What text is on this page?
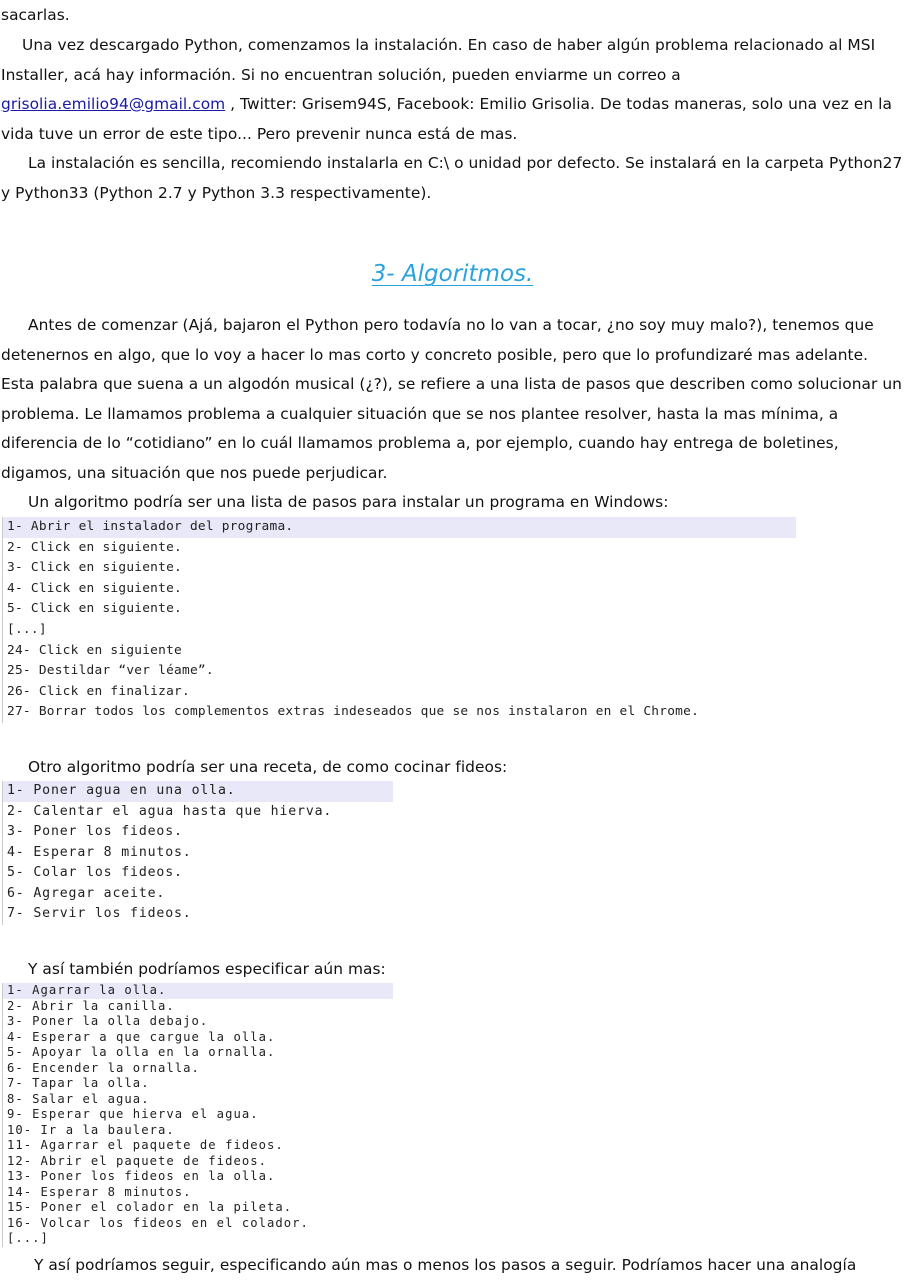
sacarlas.

Una vez descargado Python, comenzamos la instalación. En caso de haber algún problema relacionado al MSI Installer, acá hay información. Si no encuentran solución, pueden enviarme un correo a grisolia.emilio94@gmail.com , Twitter: Grisem94S, Facebook: Emilio Grisolia. De todas maneras, solo una vez en la vida tuve un error de este tipo... Pero prevenir nunca está de mas.

La instalación es sencilla, recomiendo instalarla en C:\ o unidad por defecto. Se instalará en la carpeta Python27 y Python33 (Python 2.7 y Python 3.3 respectivamente).

3- Algoritmos.

Antes de comenzar (Ajá, bajaron el Python pero todavía no lo van a tocar, ¿no soy muy malo?), tenemos que detenernos en algo, que lo voy a hacer lo mas corto y concreto posible, pero que lo profundizaré mas adelante. Esta palabra que suena a un algodón musical (¿?), se refiere a una lista de pasos que describen como solucionar un problema. Le llamamos problema a cualquier situación que se nos plantee resolver, hasta la mas mínima, a diferencia de lo “cotidiano” en lo cuál llamamos problema a, por ejemplo, cuando hay entrega de boletines, digamos, una situación que nos puede perjudicar.

Un algoritmo podría ser una lista de pasos para instalar un programa en Windows:

1- Abrir el instalador del programa.
2- Click en siguiente.
3- Click en siguiente.
4- Click en siguiente.
5- Click en siguiente.
[...]
24- Click en siguiente
25- Destildar “ver léame”.
26- Click en finalizar.
27- Borrar todos los complementos extras indeseados que se nos instalaron en el Chrome.

Otro algoritmo podría ser una receta, de como cocinar fideos:

1- Poner agua en una olla.
2- Calentar el agua hasta que hierva.
3- Poner los fideos.
4- Esperar 8 minutos.
5- Colar los fideos.
6- Agregar aceite.
7- Servir los fideos.

Y así también podríamos especificar aún mas:

1- Agarrar la olla.
2- Abrir la canilla.
3- Poner la olla debajo.
4- Esperar a que cargue la olla.
5- Apoyar la olla en la ornalla.
6- Encender la ornalla.
7- Tapar la olla.
8- Salar el agua.
9- Esperar que hierva el agua.
10- Ir a la baulera.
11- Agarrar el paquete de fideos.
12- Abrir el paquete de fideos.
13- Poner los fideos en la olla.
14- Esperar 8 minutos.
15- Poner el colador en la pileta.
16- Volcar los fideos en el colador.
[...]

Y así podríamos seguir, especificando aún mas o menos los pasos a seguir. Podríamos hacer una analogía
